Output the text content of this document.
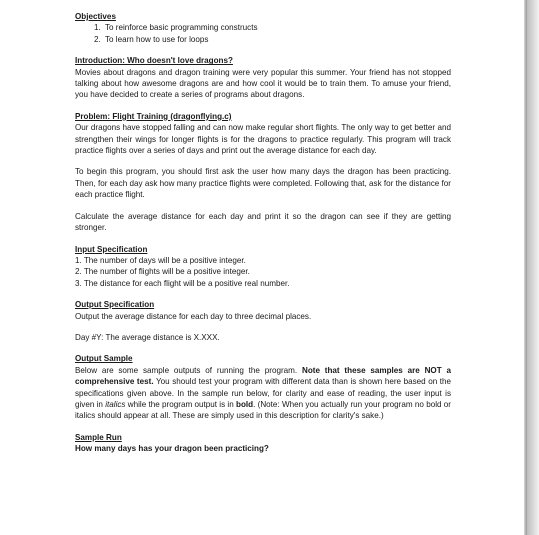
Objectives
1. To reinforce basic programming constructs
2. To learn how to use for loops
Introduction: Who doesn't love dragons?

Movies about dragons and dragon training were very popular this summer. Your friend has not stopped talking about how awesome dragons are and how cool it would be to train them. To amuse your friend, you have decided to create a series of programs about dragons.

Problem: Flight Training (dragonflying.c)

Our dragons have stopped falling and can now make regular short flights. The only way to get better and strengthen their wings for longer flights is for the dragons to practice regularly. This program will track practice flights over a series of days and print out the average distance for each day.

To begin this program, you should first ask the user how many days the dragon has been practicing. Then, for each day ask how many practice flights were completed. Following that, ask for the distance for each practice flight.

Calculate the average distance for each day and print it so the dragon can see if they are getting stronger.

Input Specification
1. The number of days will be a positive integer.
2. The number of flights will be a positive integer.
3. The distance for each flight will be a positive real number.
Output Specification

Output the average distance for each day to three decimal places.

Day #Y: The average distance is X.XXX.

Output Sample

Below are some sample outputs of running the program. Note that these samples are NOT a comprehensive test. You should test your program with different data than is shown here based on the specifications given above. In the sample run below, for clarity and ease of reading, the user input is given in italics while the program output is in bold. (Note: When you actually run your program no bold or italics should appear at all. These are simply used in this description for clarity's sake.)

Sample Run
How many days has your dragon been practicing?
